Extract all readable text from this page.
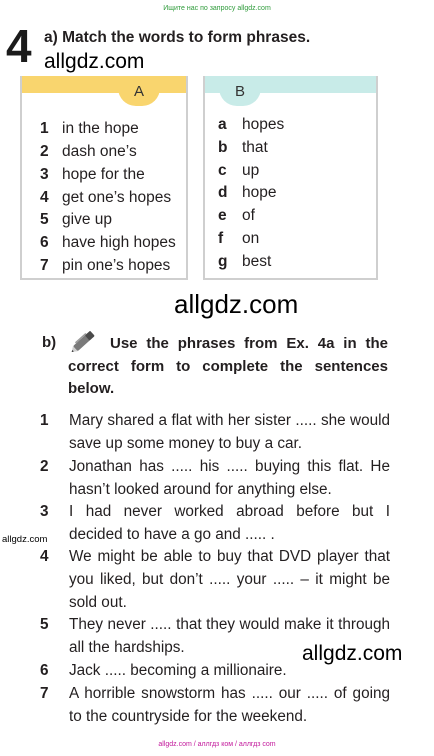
Ищите нас по запросу allgdz.com
4 a) Match the words to form phrases.
allgdz.com
A
1 in the hope
2 dash one’s
3 hope for the
4 get one’s hopes
5 give up
6 have high hopes
7 pin one’s hopes
B
a hopes
b that
c up
d hope
e of
f on
g best
allgdz.com
b)	Use the phrases from Ex. 4a in the correct form to complete the sentences below.
1 Mary shared a flat with her sister ..... she would save up some money to buy a car.
2 Jonathan has ..... his ..... buying this flat. He hasn’t looked around for anything else.
3 I had never worked abroad before but I decided to have a go and ..... .
4 We might be able to buy that DVD player that you liked, but don’t ..... your ..... – it might be sold out.
5 They never ..... that they would make it through all the hardships.
6 Jack ..... becoming a millionaire.
7 A horrible snowstorm has ..... our ..... of going to the countryside for the weekend.
allgdz.com
allgdz.com
allgdz.com / аллгдз ком / аллгдз com
